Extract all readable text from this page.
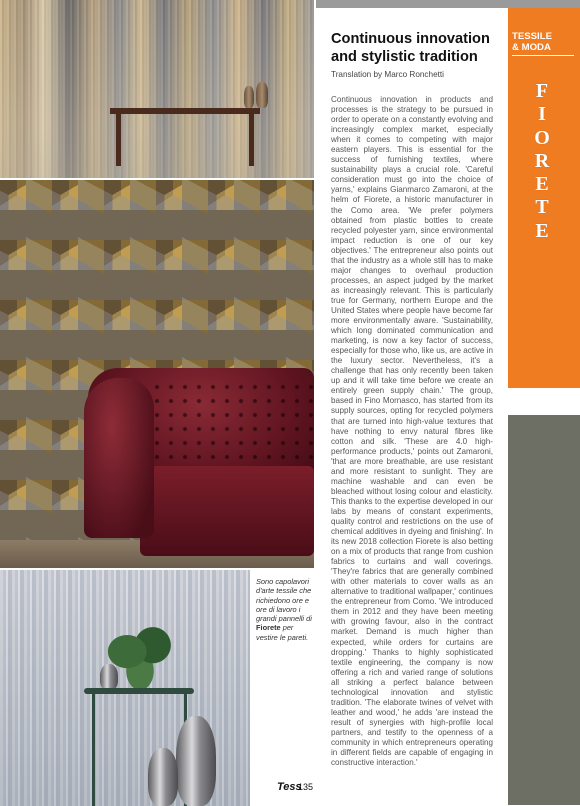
Sono capolavori d'arte tessile che richiedono ore e ore di lavoro i grandi pannelli di Fiorete per vestire le pareti.
Continuous innovation and stylistic tradition
Translation by Marco Ronchetti
Continuous innovation in products and processes is the strategy to be pursued in order to operate on a constantly evolving and increasingly complex market, especially when it comes to competing with major eastern players. This is essential for the success of furnishing textiles, where sustainability plays a crucial role. 'Careful consideration must go into the choice of yarns,' explains Gianmarco Zamaroni, at the helm of Fiorete, a historic manufacturer in the Como area. 'We prefer polymers obtained from plastic bottles to create recycled polyester yarn, since environmental impact reduction is one of our key objectives.' The entrepreneur also points out that the industry as a whole still has to make major changes to overhaul production processes, an aspect judged by the market as increasingly relevant. This is particularly true for Germany, northern Europe and the United States where people have become far more environmentally aware. 'Sustainability, which long dominated communication and marketing, is now a key factor of success, especially for those who, like us, are active in the luxury sector. Nevertheless, it's a challenge that has only recently been taken up and it will take time before we create an entirely green supply chain.' The group, based in Fino Mornasco, has started from its supply sources, opting for recycled polymers that are turned into high-value textures that have nothing to envy natural fibres like cotton and silk. 'These are 4.0 high-performance products,' points out Zamaroni, 'that are more breathable, are use resistant and more resistant to sunlight. They are machine washable and can even be bleached without losing colour and elasticity. This thanks to the expertise developed in our labs by means of constant experiments, quality control and restrictions on the use of chemical additives in dyeing and finishing'. In its new 2018 collection Fiorete is also betting on a mix of products that range from cushion fabrics to curtains and wall coverings. 'They're fabrics that are generally combined with other materials to cover walls as an alternative to traditional wallpaper,' continues the entrepreneur from Como. 'We introduced them in 2012 and they have been meeting with growing favour, also in the contract market. Demand is much higher than expected, while orders for curtains are dropping.' Thanks to highly sophisticated textile engineering, the company is now offering a rich and varied range of solutions all striking a perfect balance between technological innovation and stylistic tradition. 'The elaborate twines of velvet with leather and wood,' he adds 'are instead the result of synergies with high-profile local partners, and testify to the openness of a community in which entrepreneurs operating in different fields are capable of engaging in constructive interaction.'
TESSILE
& MODA
F
I
O
R
E
T
E
Tess
135
